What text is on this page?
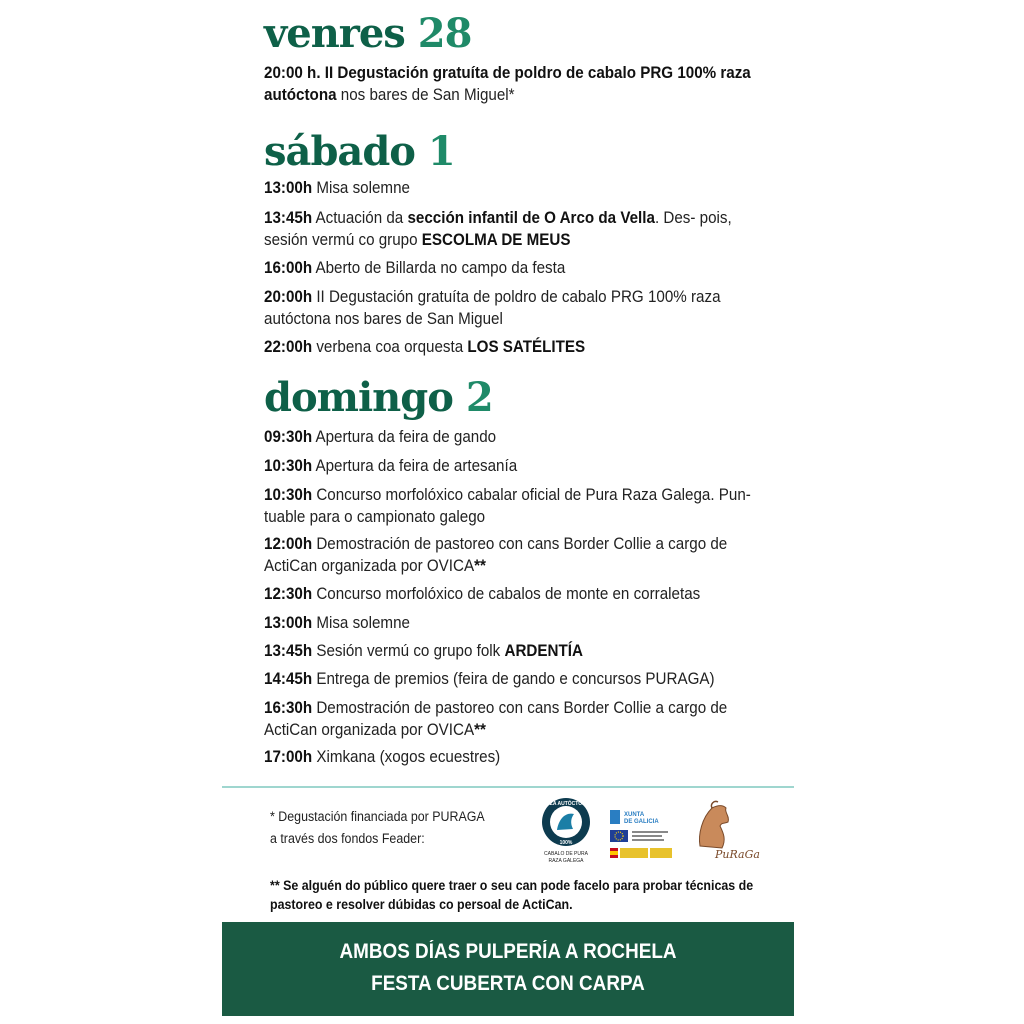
venres 28
20:00 h. II Degustación gratuíta de poldro de cabalo PRG 100% raza autóctona nos bares de San Miguel*
sábado 1
13:00h Misa solemne
13:45h Actuación da sección infantil de O Arco da Vella. Des- pois, sesión vermú co grupo ESCOLMA DE MEUS
16:00h Aberto de Billarda no campo da festa
20:00h II Degustación gratuíta de poldro de cabalo PRG 100% raza autóctona nos bares de San Miguel
22:00h verbena coa orquesta LOS SATÉLITES
domingo 2
09:30h Apertura da feira de gando
10:30h Apertura da feira de artesanía
10:30h Concurso morfolóxico cabalar oficial de Pura Raza Galega. Pun- tuable para o campionato galego
12:00h Demostración de pastoreo con cans Border Collie a cargo de ActiCan organizada por OVICA**
12:30h Concurso morfolóxico de cabalos de monte en corraletas
13:00h Misa solemne
13:45h Sesión vermú co grupo folk ARDENTÍA
14:45h Entrega de premios (feira de gando e concursos PURAGA)
16:30h Demostración de pastoreo con cans Border Collie a cargo de ActiCan organizada por OVICA**
17:00h Ximkana (xogos ecuestres)
* Degustación financiada por PURAGA
a través dos fondos Feader:
RAZA AUTÓCTONA
100%
CABALO DE PURA
RAZA GALEGA
XUNTA
DE GALICIA
PuRaGa
** Se alguén do público quere traer o seu can pode facelo para probar técnicas de pastoreo e resolver dúbidas co persoal de ActiCan.
AMBOS DÍAS PULPERÍA A ROCHELA
FESTA CUBERTA CON CARPA
